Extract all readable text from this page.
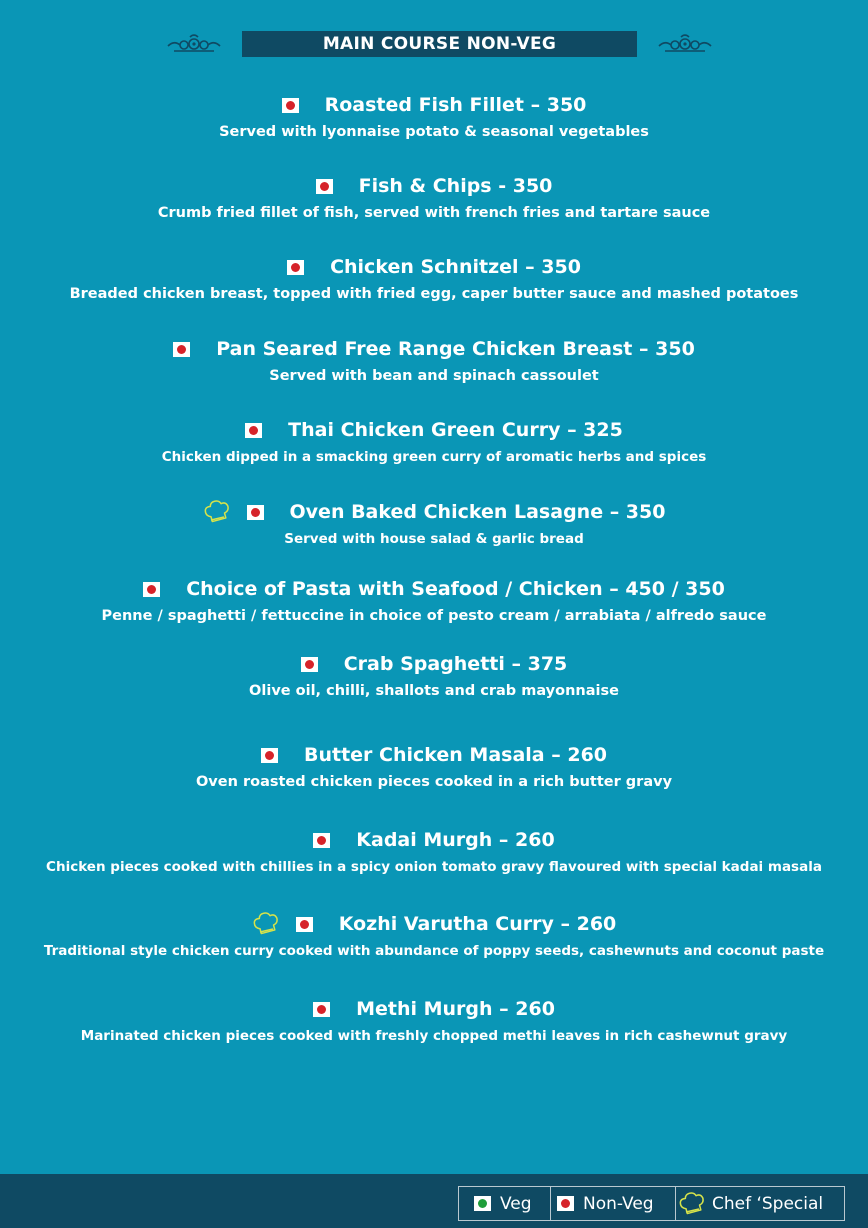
MAIN COURSE NON-VEG
Roasted Fish Fillet – 350
Served with lyonnaise potato & seasonal vegetables
Fish & Chips - 350
Crumb fried fillet of fish, served with french fries and tartare sauce
Chicken Schnitzel – 350
Breaded chicken breast, topped with fried egg, caper butter sauce and mashed potatoes
Pan Seared Free Range Chicken Breast – 350
Served with bean and spinach cassoulet
Thai Chicken Green Curry – 325
Chicken dipped in a smacking green curry of aromatic herbs and spices
Oven Baked Chicken Lasagne – 350
Served with house salad & garlic bread
Choice of Pasta with Seafood / Chicken – 450 / 350
Penne / spaghetti / fettuccine in choice of pesto cream / arrabiata / alfredo sauce
Crab Spaghetti – 375
Olive oil, chilli, shallots and crab mayonnaise
Butter Chicken Masala – 260
Oven roasted chicken pieces cooked in a rich butter gravy
Kadai Murgh – 260
Chicken pieces cooked with chillies in a spicy onion tomato gravy flavoured with special kadai masala
Kozhi Varutha Curry – 260
Traditional style chicken curry cooked with abundance of poppy seeds, cashewnuts and coconut paste
Methi Murgh – 260
Marinated chicken pieces cooked with freshly chopped methi leaves in rich cashewnut gravy
Veg	Non-Veg	Chef ‘Special
